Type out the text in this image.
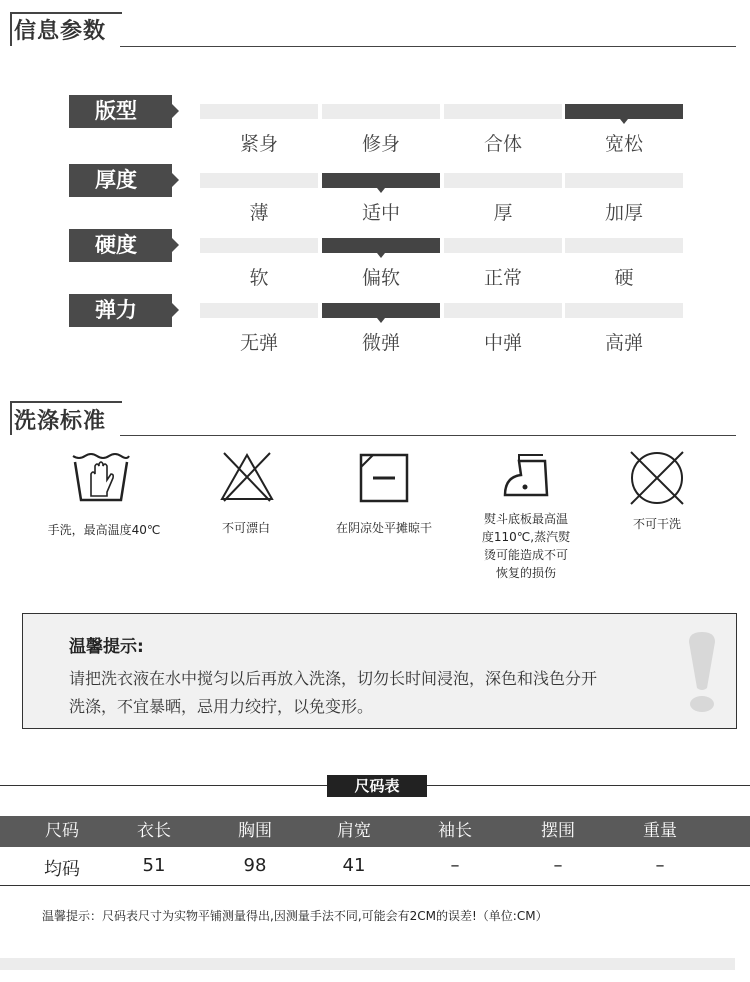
信息参数
版型
紧身	修身	合体	宽松
厚度
薄	适中	厚	加厚
硬度
软	偏软	正常	硬
弹力
无弹	微弹	中弹	高弹
洗涤标准
手洗，最高温度40℃	不可漂白	在阴凉处平摊晾干
熨斗底板最高温
度110℃,蒸汽熨
烫可能造成不可
恢复的损伤
不可干洗
温馨提示:
请把洗衣液在水中搅匀以后再放入洗涤，切勿长时间浸泡，深色和浅色分开
洗涤，不宜暴晒，忌用力绞拧，以免变形。
尺码表
尺码	衣长	胸围	肩宽	袖长	摆围	重量
均码	51	98	41	–	–	–
温馨提示：尺码表尺寸为实物平铺测量得出,因测量手法不同,可能会有2CM的误差!（单位:CM）
